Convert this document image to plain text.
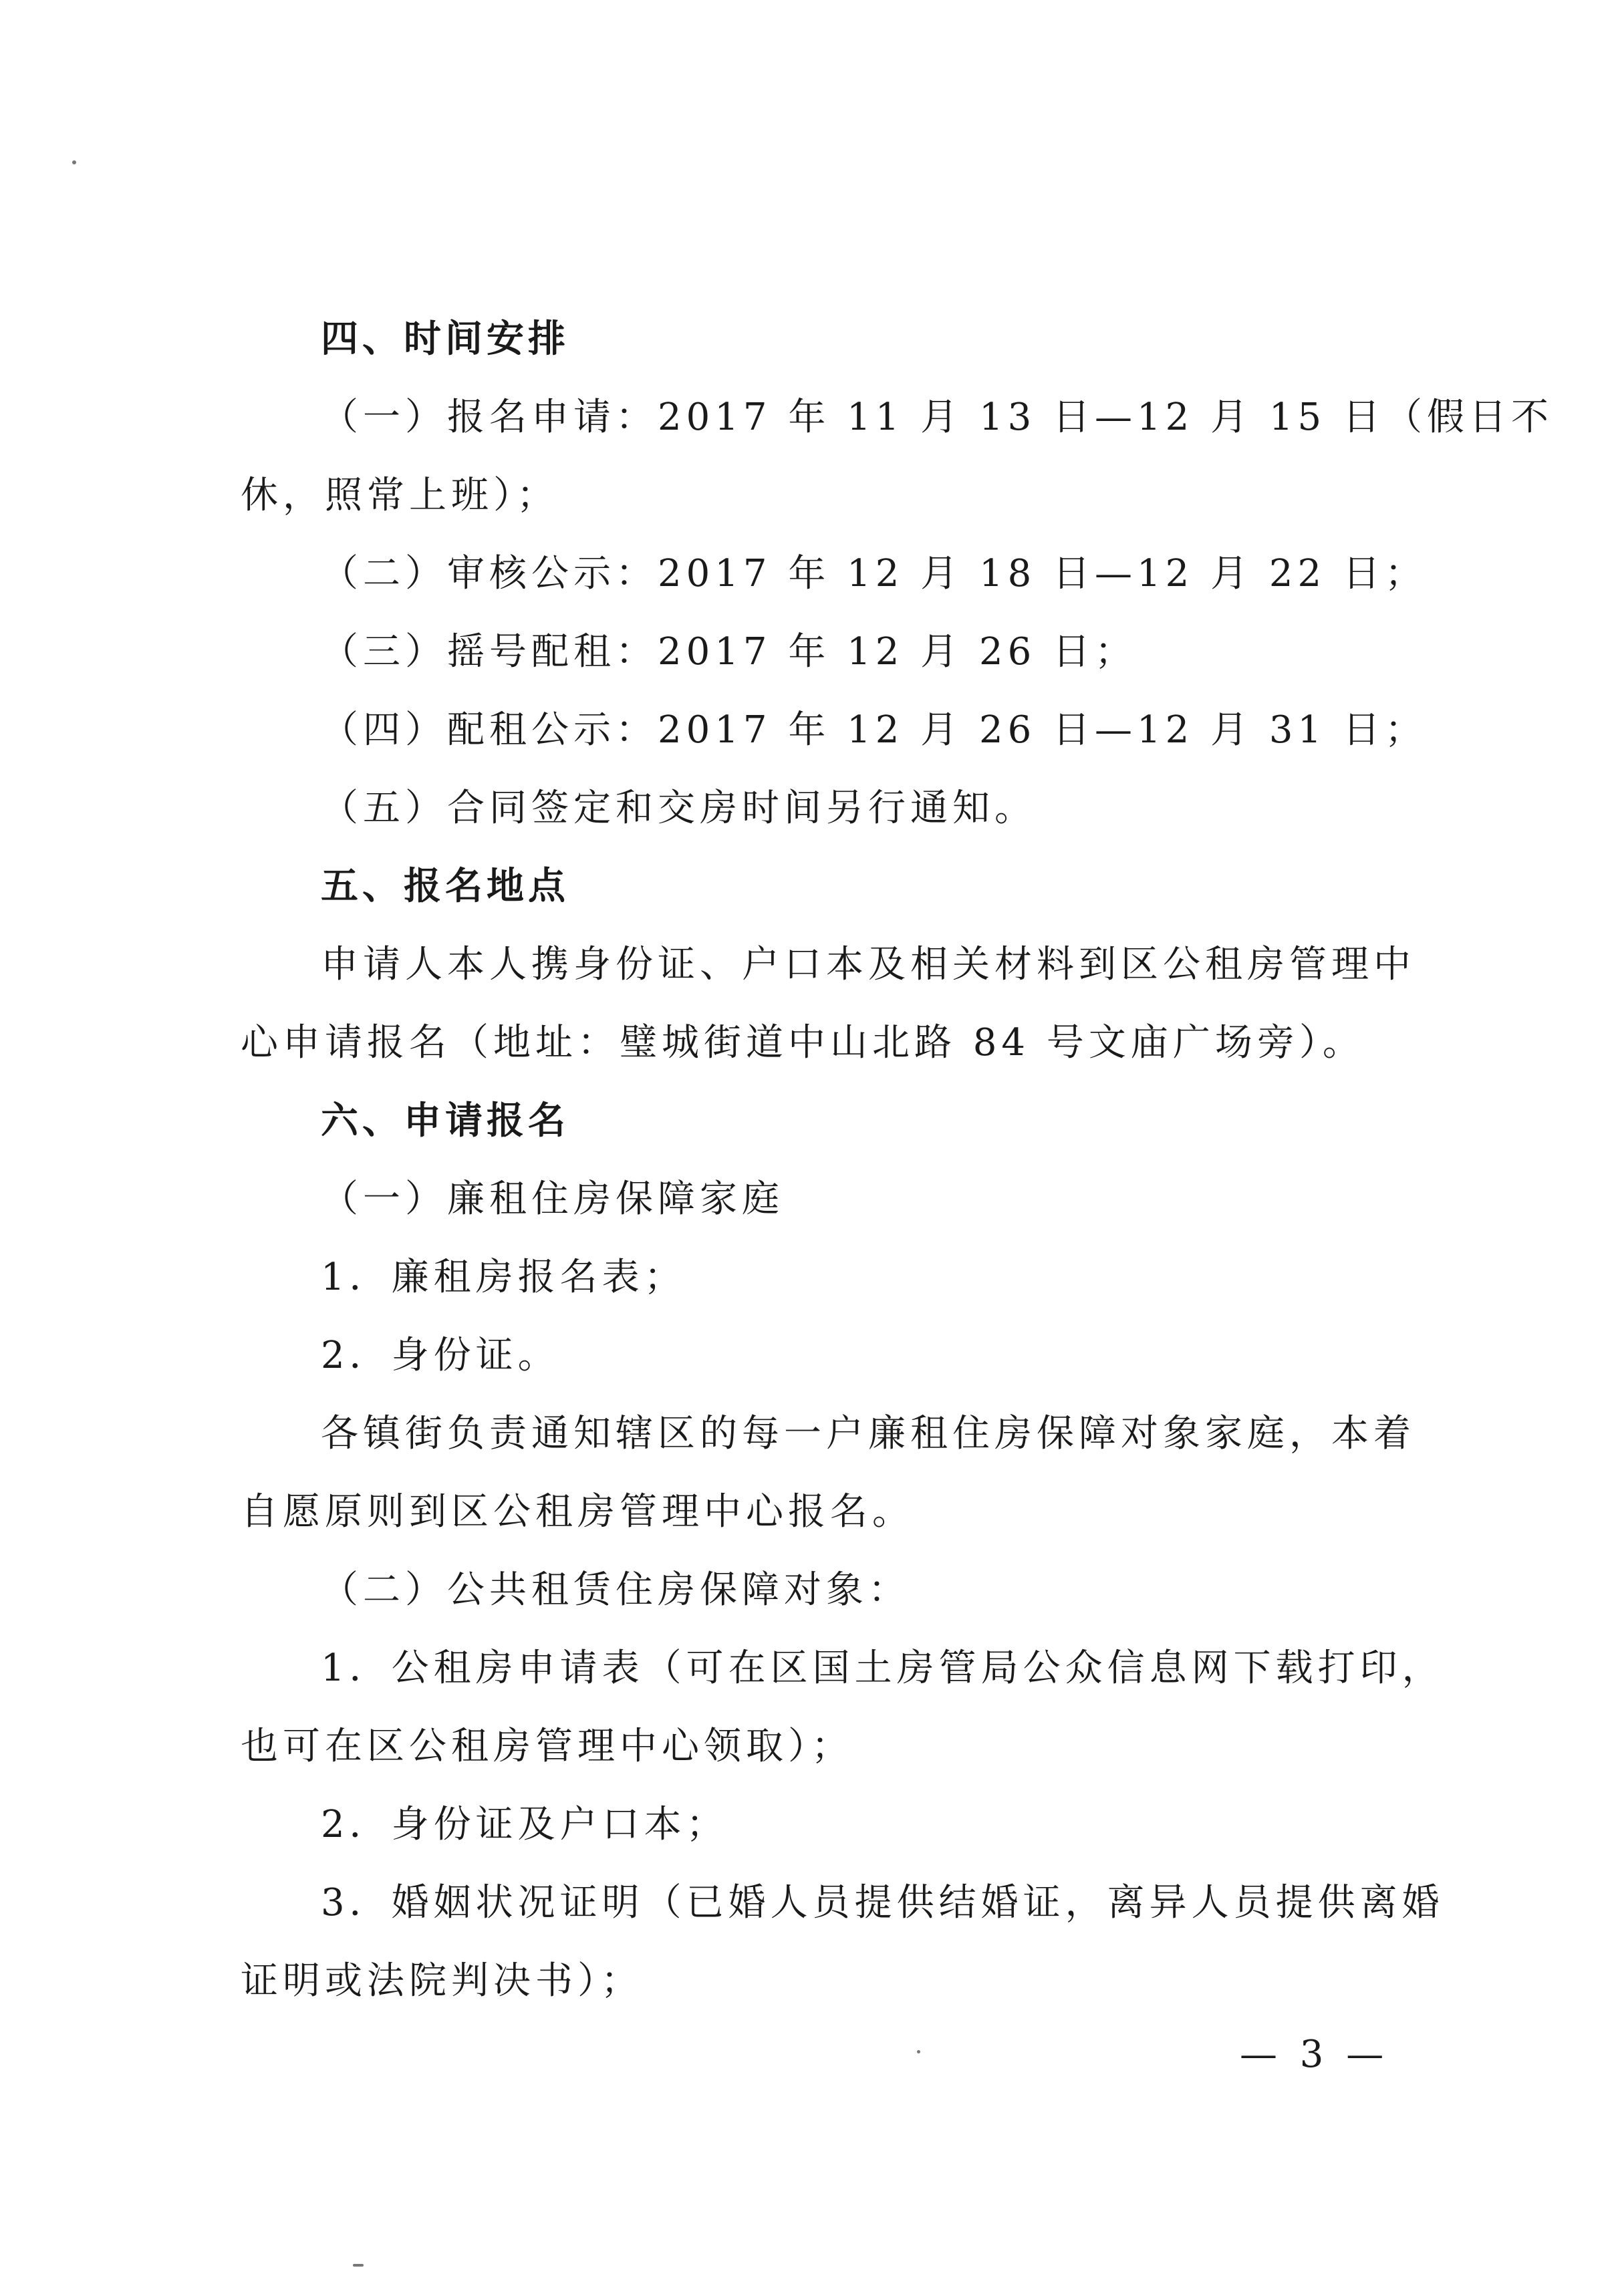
四、时间安排
（一）报名申请：2017 年 11 月 13 日—12 月 15 日（假日不
休，照常上班）；
（二）审核公示：2017 年 12 月 18 日—12 月 22 日；
（三）摇号配租：2017 年 12 月 26 日；
（四）配租公示：2017 年 12 月 26 日—12 月 31 日；
（五）合同签定和交房时间另行通知。
五、报名地点
申请人本人携身份证、户口本及相关材料到区公租房管理中
心申请报名（地址：璧城街道中山北路 84 号文庙广场旁）。
六、申请报名
（一）廉租住房保障家庭
1．廉租房报名表；
2．身份证。
各镇街负责通知辖区的每一户廉租住房保障对象家庭，本着
自愿原则到区公租房管理中心报名。
（二）公共租赁住房保障对象：
1．公租房申请表（可在区国土房管局公众信息网下载打印，
也可在区公租房管理中心领取）；
2．身份证及户口本；
3．婚姻状况证明（已婚人员提供结婚证，离异人员提供离婚
证明或法院判决书）；
— 3 —
